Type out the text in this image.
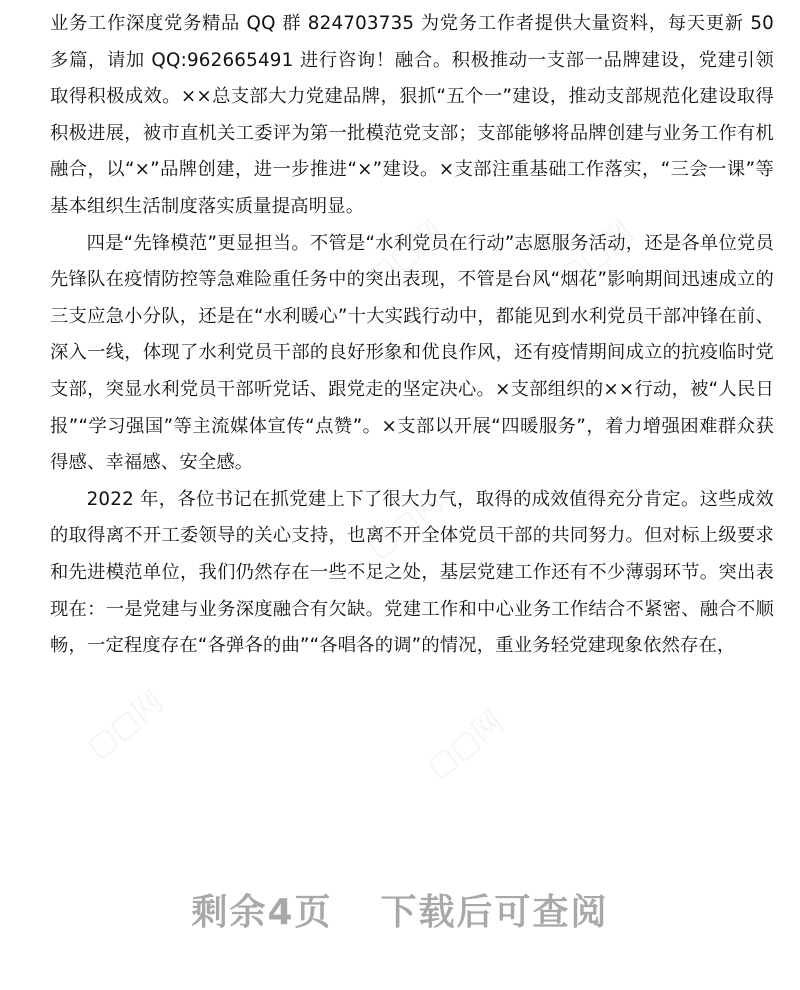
业务工作深度党务精品 QQ 群 824703735 为党务工作者提供大量资料，每天更新 50 多篇，请加 QQ:962665491 进行咨询！融合。积极推动一支部一品牌建设，党建引领取得积极成效。××总支部大力党建品牌，狠抓“五个一”建设，推动支部规范化建设取得积极进展，被市直机关工委评为第一批模范党支部；支部能够将品牌创建与业务工作有机融合，以“×”品牌创建，进一步推进“×”建设。×支部注重基础工作落实，“三会一课”等基本组织生活制度落实质量提高明显。

四是“先锋模范”更显担当。不管是“水利党员在行动”志愿服务活动，还是各单位党员先锋队在疫情防控等急难险重任务中的突出表现，不管是台风“烟花”影响期间迅速成立的三支应急小分队，还是在“水利暖心”十大实践行动中，都能见到水利党员干部冲锋在前、深入一线，体现了水利党员干部的良好形象和优良作风，还有疫情期间成立的抗疫临时党支部，突显水利党员干部听党话、跟党走的坚定决心。×支部组织的××行动，被“人民日报”“学习强国”等主流媒体宣传“点赞”。×支部以开展“四暖服务”，着力增强困难群众获得感、幸福感、安全感。

2022 年，各位书记在抓党建上下了很大力气，取得的成效值得充分肯定。这些成效的取得离不开工委领导的关心支持，也离不开全体党员干部的共同努力。但对标上级要求和先进模范单位，我们仍然存在一些不足之处，基层党建工作还有不少薄弱环节。突出表现在：一是党建与业务深度融合有欠缺。党建工作和中心业务工作结合不紧密、融合不顺畅，一定程度存在“各弹各的曲”“各唱各的调”的情况，重业务轻党建现象依然存在，

▢▢网	▢▢网
▢▢网
▢▢网	▢▢网
剩余4页 下载后可查阅
